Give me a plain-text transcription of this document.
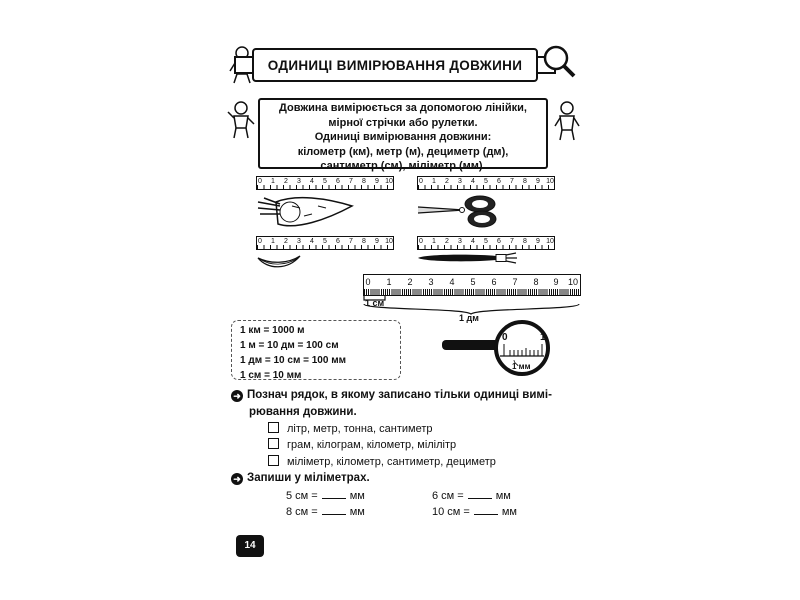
ОДИНИЦІ ВИМІРЮВАННЯ ДОВЖИНИ
Довжина вимірюється за допомогою лінійки,
мірної стрічки або рулетки.
Одиниці вимірювання довжини:
кілометр (км), метр (м), дециметр (дм),
сантиметр (см), міліметр (мм).
0 1 2 3 4 5 6 7 8 9 10	0 1 2 3 4 5 6 7 8 9 10
0 1 2 3 4 5 6 7 8 9 10	0 1 2 3 4 5 6 7 8 9 10
0 1 2 3 4 5 6 7 8 9 10
1 см
1 дм
1 км = 1000 м
1 м = 10 дм = 100 см
1 дм = 10 см = 100 мм
1 см = 10 мм
0	1
1 мм
➜ Познач рядок, в якому записано тільки одиниці вимі-
рювання довжини.
літр, метр, тонна, сантиметр
грам, кілограм, кілометр, мілілітр
міліметр, кілометр, сантиметр, дециметр
➜ Запиши у міліметрах.
5 см =	мм	6 см =	мм
8 см =	мм	10 см =	мм
14
